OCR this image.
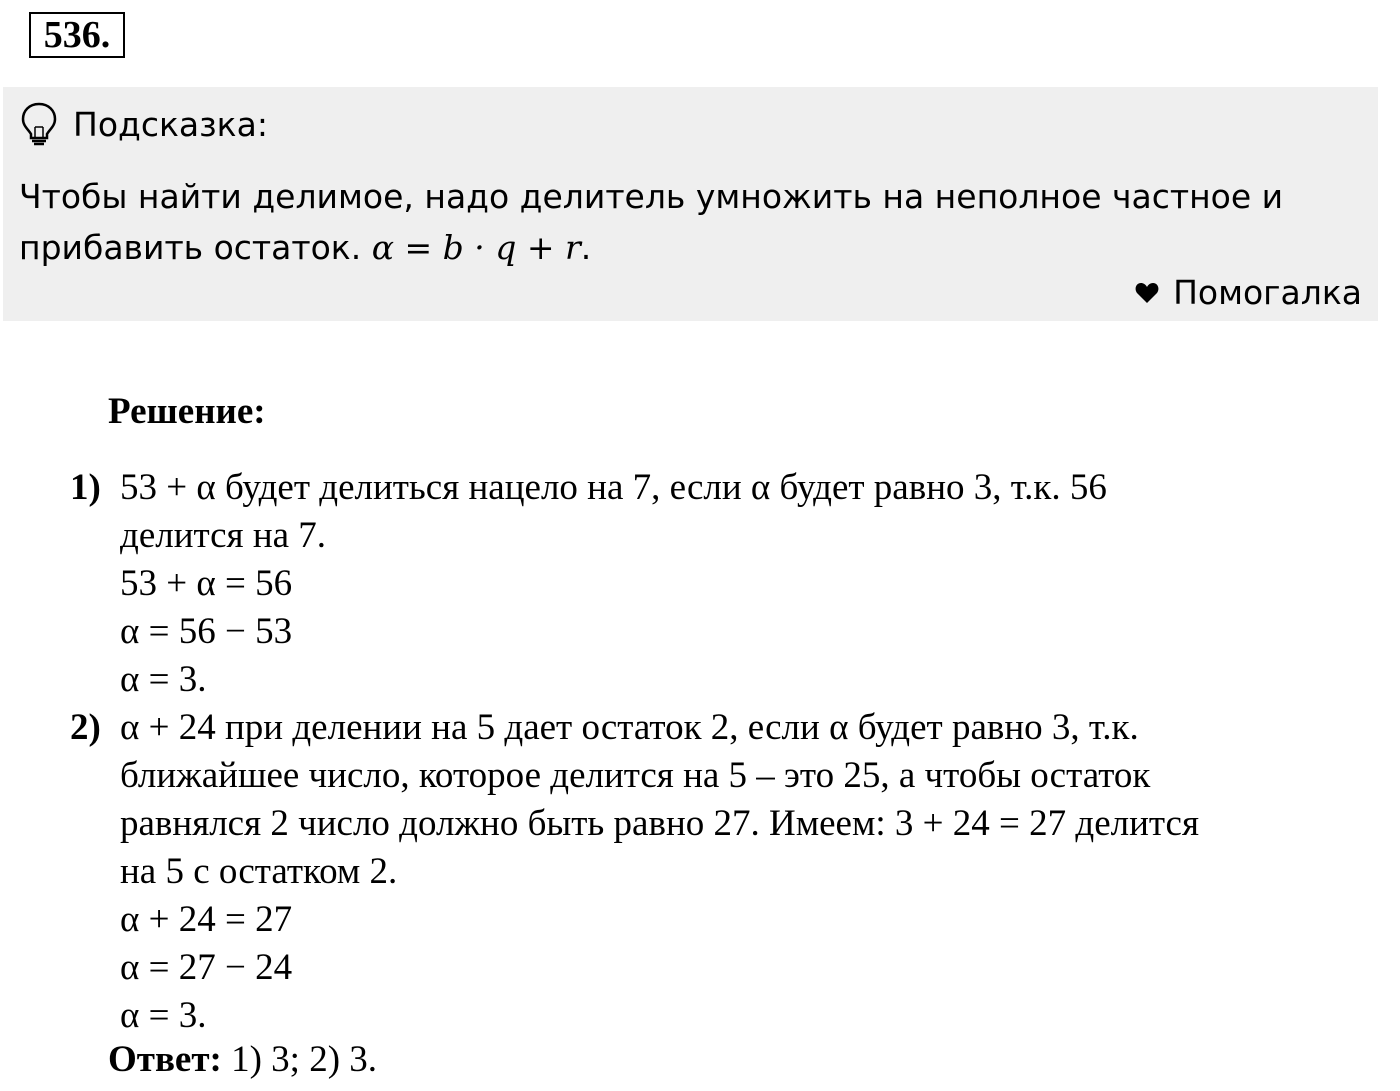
536.
Подсказка:
Чтобы найти делимое, надо делитель умножить на неполное частное и прибавить остаток. α = b · q + r.
Помогалка
Решение:
1) 53 + α будет делиться нацело на 7, если α будет равно 3, т.к. 56
делится на 7.
53 + α = 56
α = 56 − 53
α = 3.
2) α + 24 при делении на 5 дает остаток 2, если α будет равно 3, т.к.
ближайшее число, которое делится на 5 – это 25, а чтобы остаток
равнялся 2 число должно быть равно 27. Имеем: 3 + 24 = 27 делится
на 5 с остатком 2.
α + 24 = 27
α = 27 − 24
α = 3.
Ответ: 1) 3; 2) 3.
